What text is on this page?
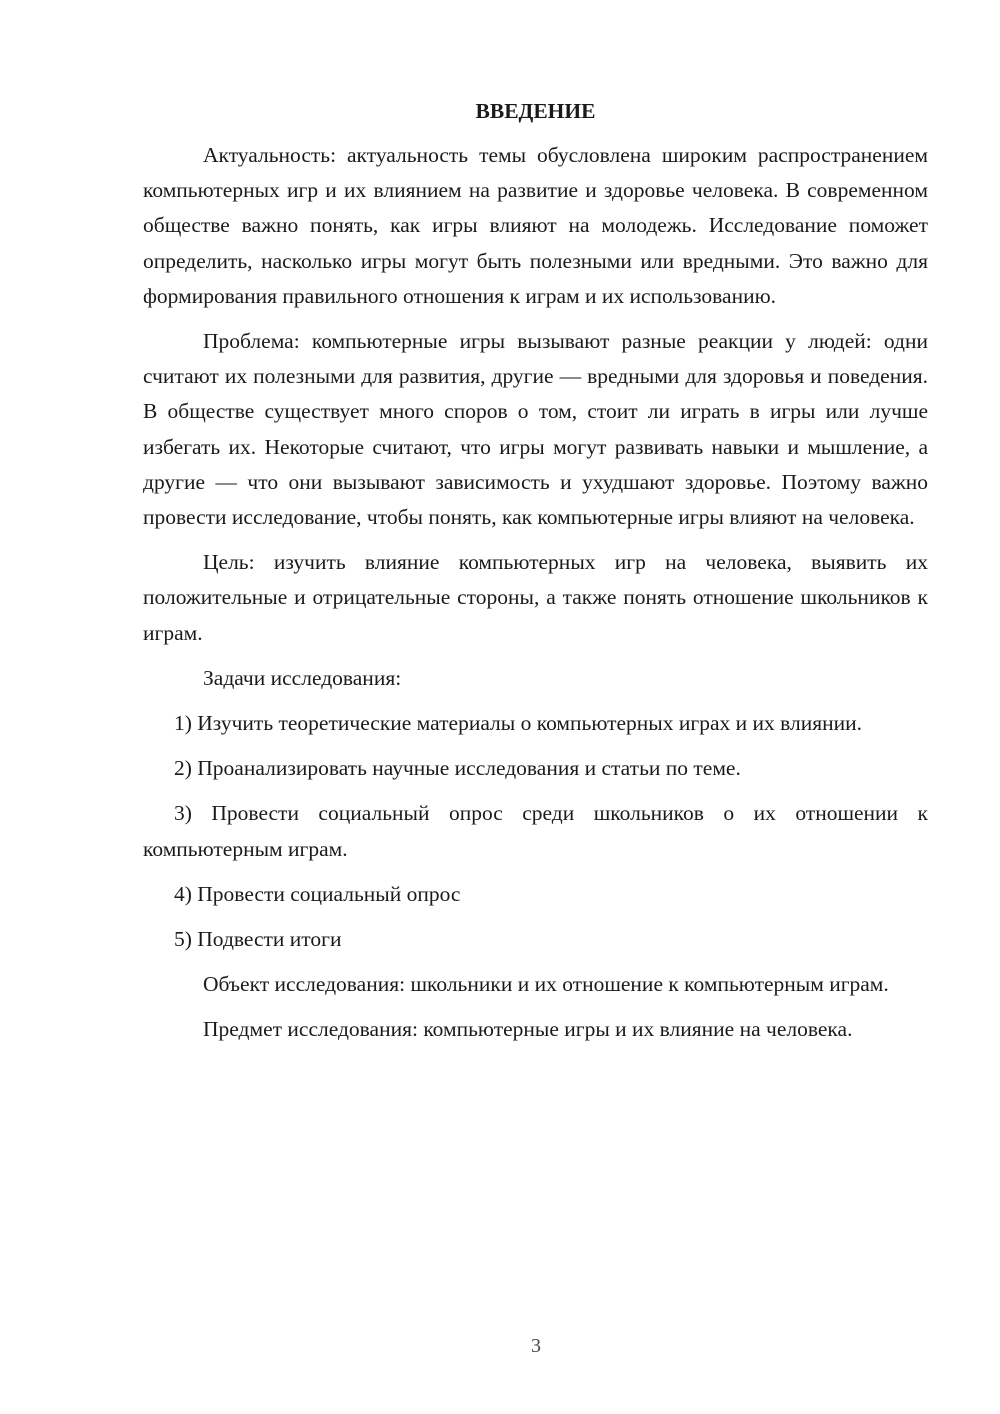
ВВЕДЕНИЕ

Актуальность: актуальность темы обусловлена широким распространением компьютерных игр и их влиянием на развитие и здоровье человека. В современном обществе важно понять, как игры влияют на молодежь. Исследование поможет определить, насколько игры могут быть полезными или вредными. Это важно для формирования правильного отношения к играм и их использованию.

Проблема: компьютерные игры вызывают разные реакции у людей: одни считают их полезными для развития, другие — вредными для здоровья и поведения. В обществе существует много споров о том, стоит ли играть в игры или лучше избегать их. Некоторые считают, что игры могут развивать навыки и мышление, а другие — что они вызывают зависимость и ухудшают здоровье. Поэтому важно провести исследование, чтобы понять, как компьютерные игры влияют на человека.

Цель: изучить влияние компьютерных игр на человека, выявить их положительные и отрицательные стороны, а также понять отношение школьников к играм.

Задачи исследования:

1) Изучить теоретические материалы о компьютерных играх и их влиянии.

2) Проанализировать научные исследования и статьи по теме.

3) Провести социальный опрос среди школьников о их отношении к компьютерным играм.

4) Провести социальный опрос

5) Подвести итоги

Объект исследования: школьники и их отношение к компьютерным играм.

Предмет исследования: компьютерные игры и их влияние на человека.

3
